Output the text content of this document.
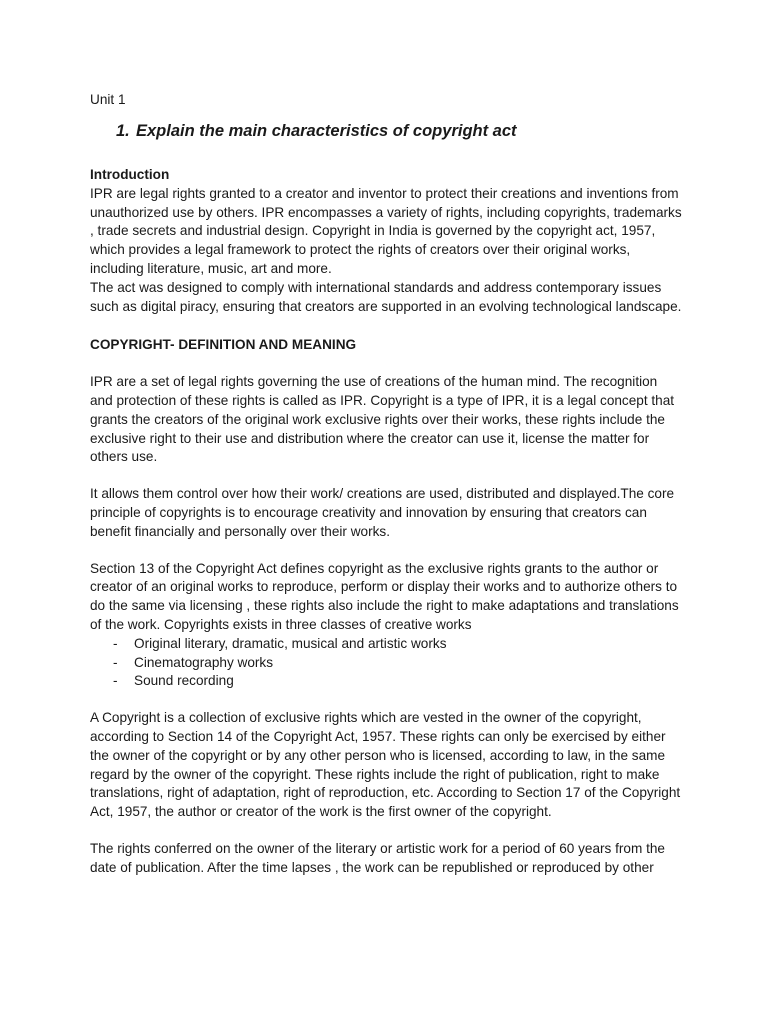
Unit 1

1. Explain the main characteristics of copyright act

Introduction

IPR are legal rights granted to a creator and inventor to protect their creations and inventions from unauthorized use by others. IPR encompasses a variety of rights, including copyrights, trademarks , trade secrets and industrial design. Copyright in India is governed by the copyright act, 1957, which provides a legal framework to protect the rights of creators over their original works, including literature, music, art and more.

The act was designed to comply with international standards and address contemporary issues such as digital piracy, ensuring that creators are supported in an evolving technological landscape.

COPYRIGHT- DEFINITION AND MEANING

IPR are a set of legal rights governing the use of creations of the human mind. The recognition and protection of these rights is called as IPR. Copyright is a type of IPR, it is a legal concept that grants the creators of the original work exclusive rights over their works, these rights include the exclusive right to their use and distribution where the creator can use it, license the matter for others use.

It allows them control over how their work/ creations are used, distributed and displayed.The core principle of copyrights is to encourage creativity and innovation by ensuring that creators can benefit financially and personally over their works.

Section 13 of the Copyright Act defines copyright as the exclusive rights grants to the author or creator of an original works to reproduce, perform or display their works and to authorize others to do the same via licensing , these rights also include the right to make adaptations and translations of the work. Copyrights exists in three classes of creative works

-	Original literary, dramatic, musical and artistic works
-	Cinematography works
-	Sound recording

A Copyright is a collection of exclusive rights which are vested in the owner of the copyright, according to Section 14 of the Copyright Act, 1957. These rights can only be exercised by either the owner of the copyright or by any other person who is licensed, according to law, in the same regard by the owner of the copyright. These rights include the right of publication, right to make translations, right of adaptation, right of reproduction, etc. According to Section 17 of the Copyright Act, 1957, the author or creator of the work is the first owner of the copyright.

The rights conferred on the owner of the literary or artistic work for a period of 60 years from the date of publication. After the time lapses , the work can be republished or reproduced by other
